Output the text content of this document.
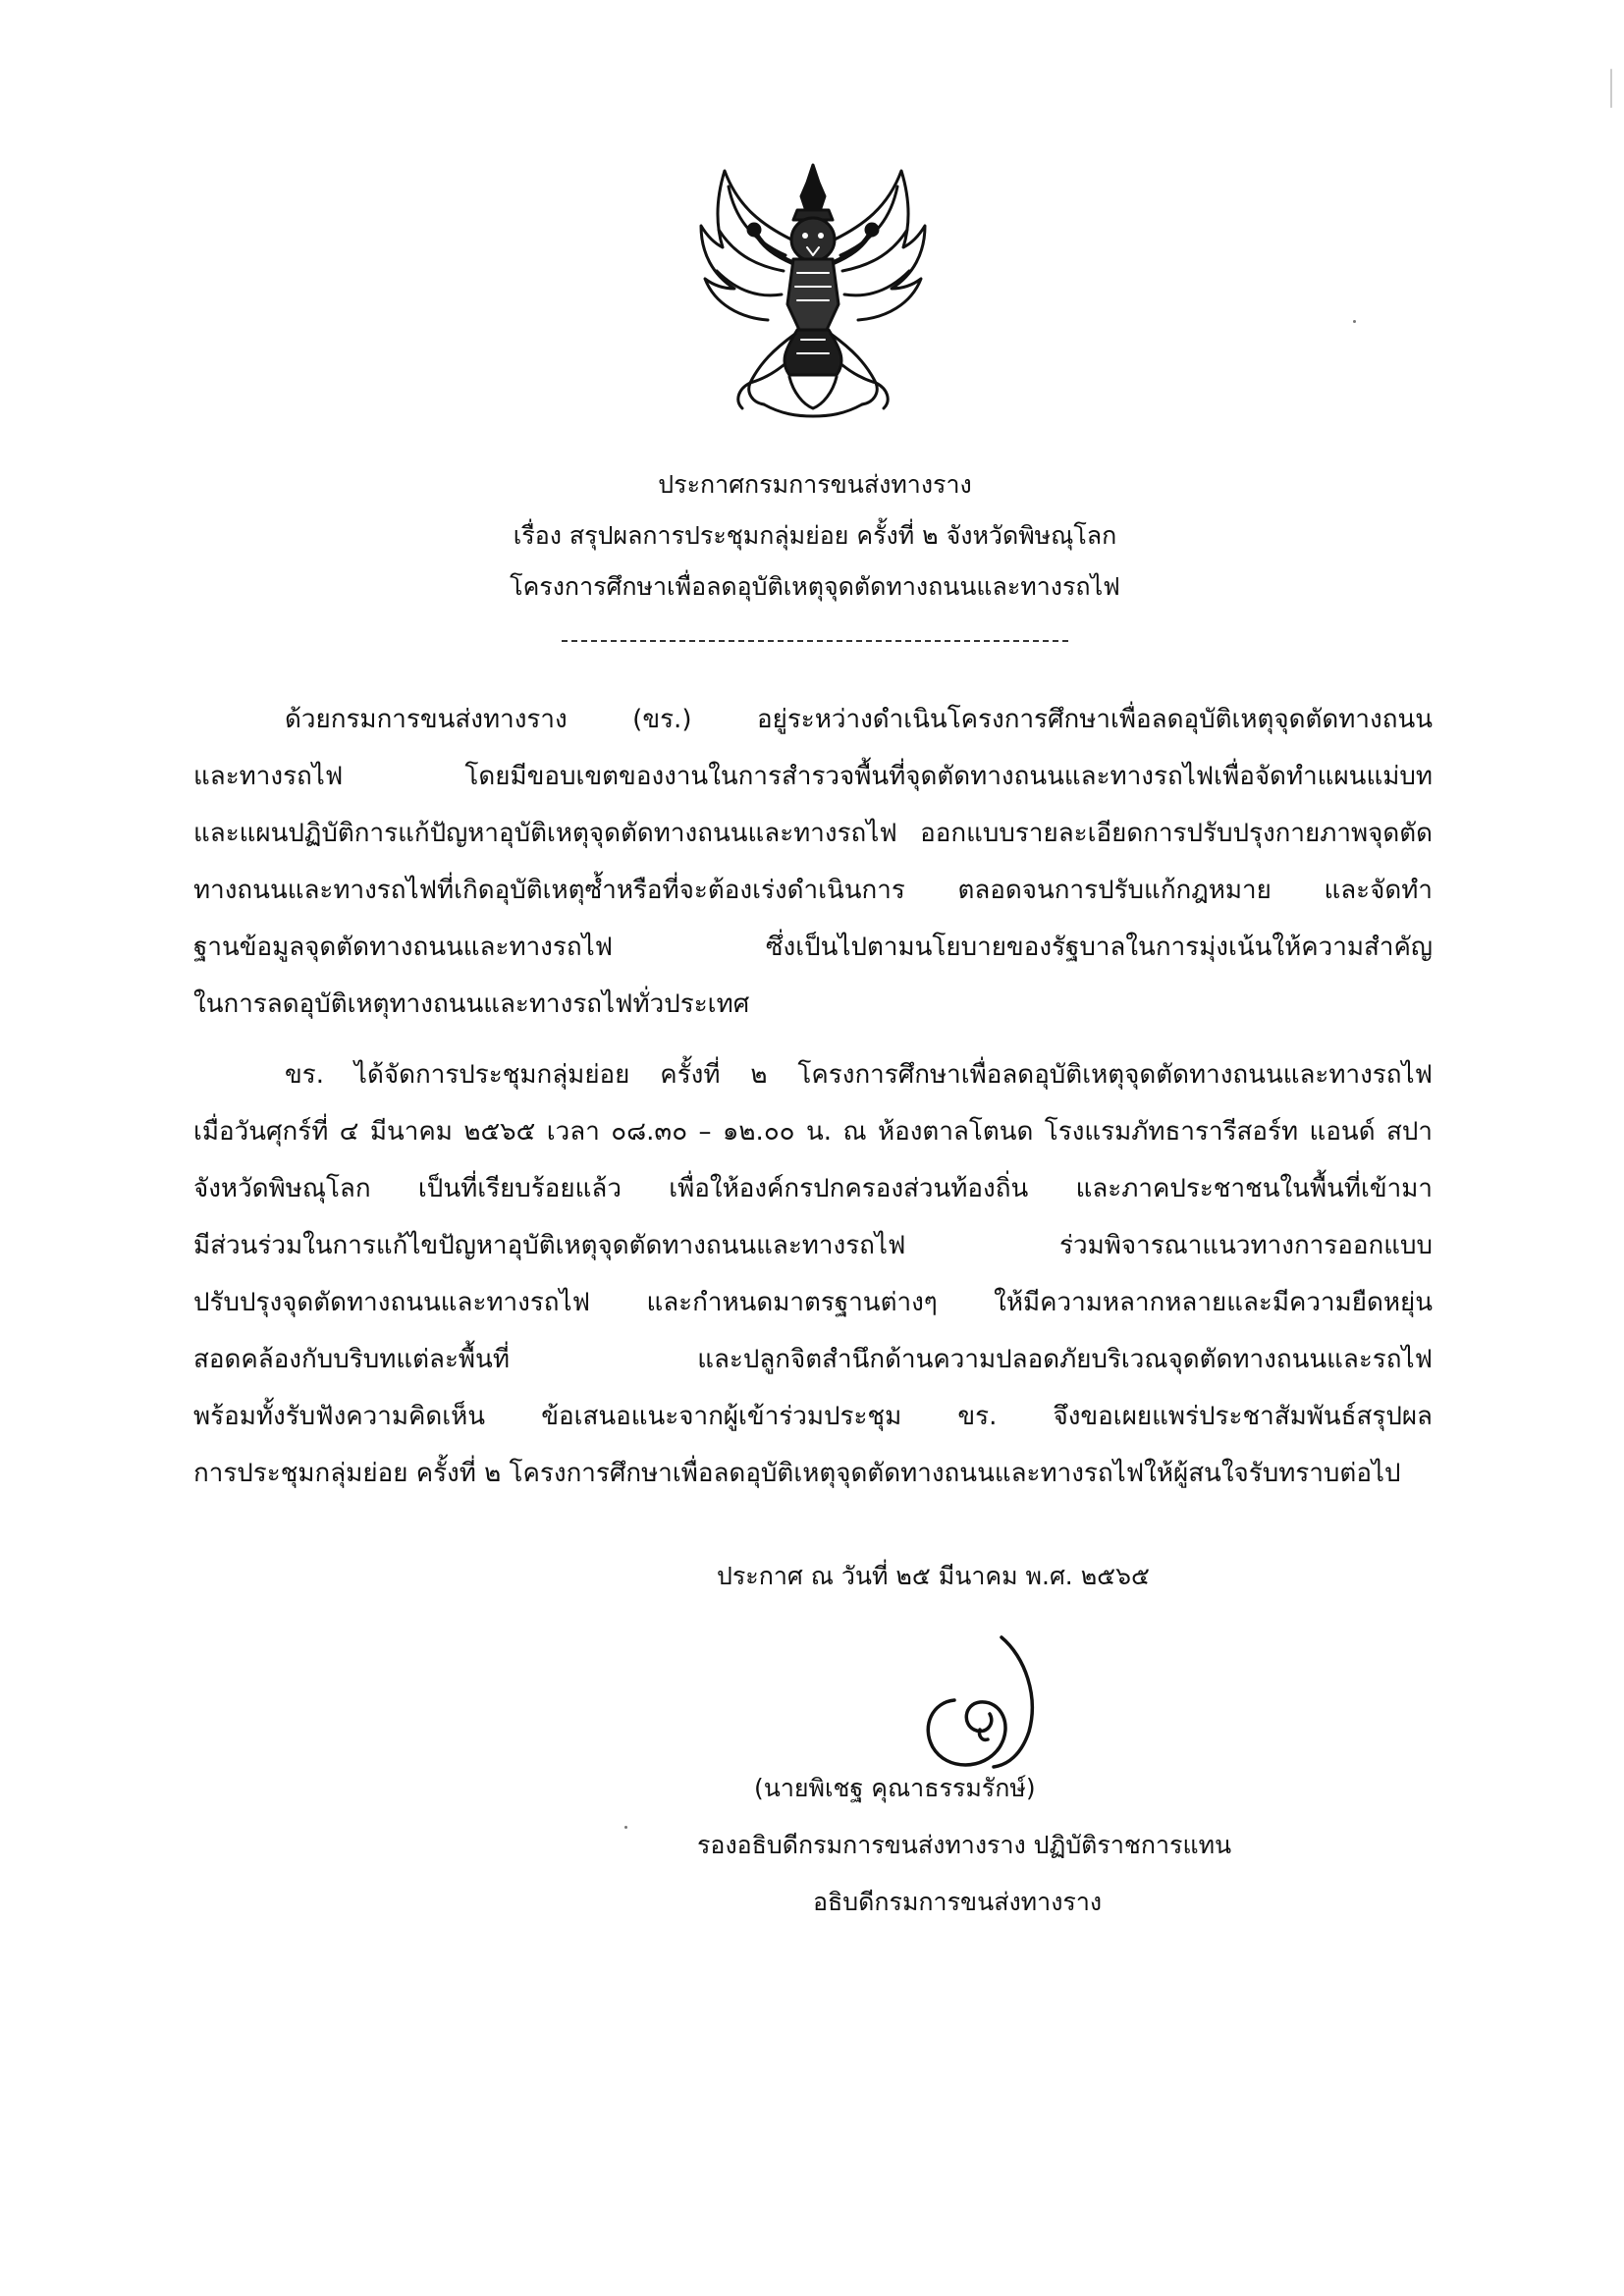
ประกาศกรมการขนส่งทางราง
เรื่อง สรุปผลการประชุมกลุ่มย่อย ครั้งที่ ๒ จังหวัดพิษณุโลก
โครงการศึกษาเพื่อลดอุบัติเหตุจุดตัดทางถนนและทางรถไฟ
ด้วยกรมการขนส่งทางราง (ขร.) อยู่ระหว่างดำเนินโครงการศึกษาเพื่อลดอุบัติเหตุจุดตัดทางถนน
และทางรถไฟ โดยมีขอบเขตของงานในการสำรวจพื้นที่จุดตัดทางถนนและทางรถไฟเพื่อจัดทำแผนแม่บท
และแผนปฏิบัติการแก้ปัญหาอุบัติเหตุจุดตัดทางถนนและทางรถไฟ ออกแบบรายละเอียดการปรับปรุงกายภาพจุดตัด
ทางถนนและทางรถไฟที่เกิดอุบัติเหตุซ้ำหรือที่จะต้องเร่งดำเนินการ ตลอดจนการปรับแก้กฎหมาย และจัดทำ
ฐานข้อมูลจุดตัดทางถนนและทางรถไฟ ซึ่งเป็นไปตามนโยบายของรัฐบาลในการมุ่งเน้นให้ความสำคัญ
ในการลดอุบัติเหตุทางถนนและทางรถไฟทั่วประเทศ
ขร. ได้จัดการประชุมกลุ่มย่อย ครั้งที่ ๒ โครงการศึกษาเพื่อลดอุบัติเหตุจุดตัดทางถนนและทางรถไฟ
เมื่อวันศุกร์ที่ ๔ มีนาคม ๒๕๖๕ เวลา ๐๘.๓๐ – ๑๒.๐๐ น. ณ ห้องตาลโตนด โรงแรมภัทธารารีสอร์ท แอนด์ สปา
จังหวัดพิษณุโลก เป็นที่เรียบร้อยแล้ว เพื่อให้องค์กรปกครองส่วนท้องถิ่น และภาคประชาชนในพื้นที่เข้ามา
มีส่วนร่วมในการแก้ไขปัญหาอุบัติเหตุจุดตัดทางถนนและทางรถไฟ ร่วมพิจารณาแนวทางการออกแบบ
ปรับปรุงจุดตัดทางถนนและทางรถไฟ และกำหนดมาตรฐานต่างๆ ให้มีความหลากหลายและมีความยืดหยุ่น
สอดคล้องกับบริบทแต่ละพื้นที่ และปลูกจิตสำนึกด้านความปลอดภัยบริเวณจุดตัดทางถนนและรถไฟ
พร้อมทั้งรับฟังความคิดเห็น ข้อเสนอแนะจากผู้เข้าร่วมประชุม ขร. จึงขอเผยแพร่ประชาสัมพันธ์สรุปผล
การประชุมกลุ่มย่อย ครั้งที่ ๒ โครงการศึกษาเพื่อลดอุบัติเหตุจุดตัดทางถนนและทางรถไฟให้ผู้สนใจรับทราบต่อไป
ประกาศ ณ วันที่ ๒๕ มีนาคม พ.ศ. ๒๕๖๕
(นายพิเชฐ คุณาธรรมรักษ์)
รองอธิบดีกรมการขนส่งทางราง ปฏิบัติราชการแทน
อธิบดีกรมการขนส่งทางราง
